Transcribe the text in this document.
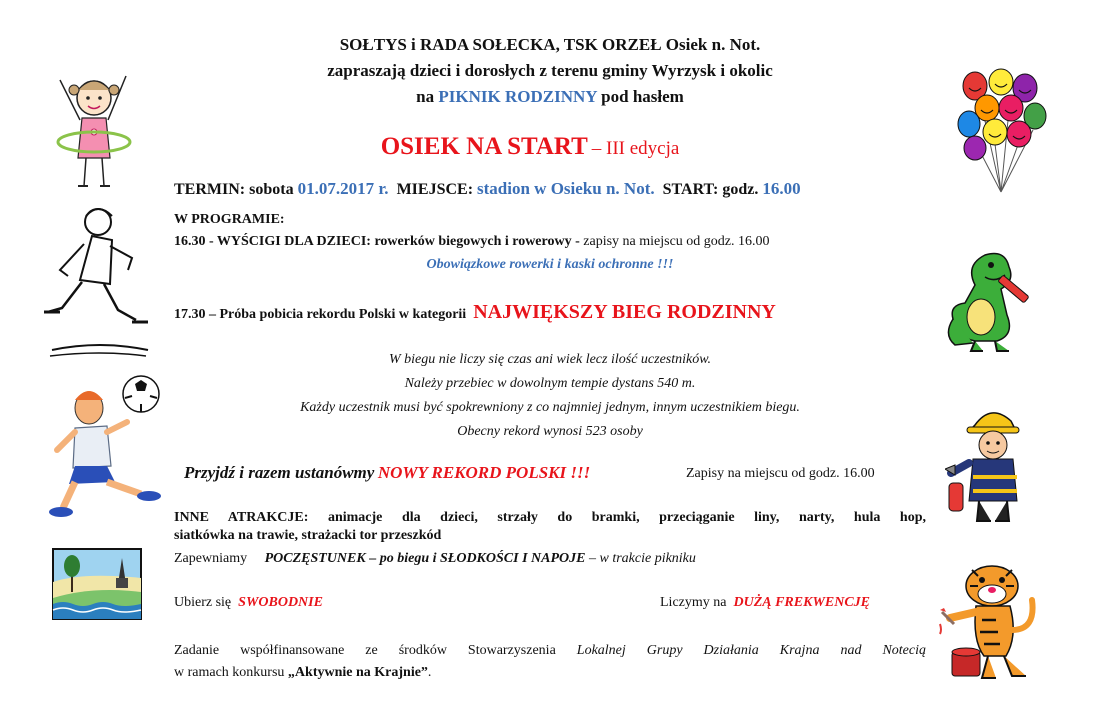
SOŁTYS i RADA SOŁECKA, TSK ORZEŁ Osiek n. Not.
zapraszają dzieci i dorosłych z terenu gminy Wyrzysk i okolic
na PIKNIK RODZINNY pod hasłem
OSIEK NA START – III edycja
TERMIN: sobota 01.07.2017 r. MIEJSCE: stadion w Osieku n. Not. START: godz. 16.00
W PROGRAMIE:
16.30 - WYŚCIGI DLA DZIECI: rowerków biegowych i rowerowy - zapisy na miejscu od godz. 16.00
Obowiązkowe rowerki i kaski ochronne !!!
17.30 – Próba pobicia rekordu Polski w kategorii NAJWIĘKSZY BIEG RODZINNY
W biegu nie liczy się czas ani wiek lecz ilość uczestników.
Należy przebiec w dowolnym tempie dystans 540 m.
Każdy uczestnik musi być spokrewniony z co najmniej jednym, innym uczestnikiem biegu.
Obecny rekord wynosi 523 osoby
Przyjdź i razem ustanówmy NOWY REKORD POLSKI !!!	Zapisy na miejscu od godz. 16.00
INNE ATRAKCJE: animacje dla dzieci, strzały do bramki, przeciąganie liny, narty, hula hop,
siatkówka na trawie, strażacki tor przeszkód
Zapewniamy POCZĘSTUNEK – po biegu i SŁODKOŚCI I NAPOJE – w trakcie pikniku
Ubierz się SWOBODNIE	Liczymy na DUŻĄ FREKWENCJĘ
Zadanie współfinansowane ze środków Stowarzyszenia Lokalnej Grupy Działania Krajna nad Notecią
w ramach konkursu „Aktywnie na Krajnie”.
